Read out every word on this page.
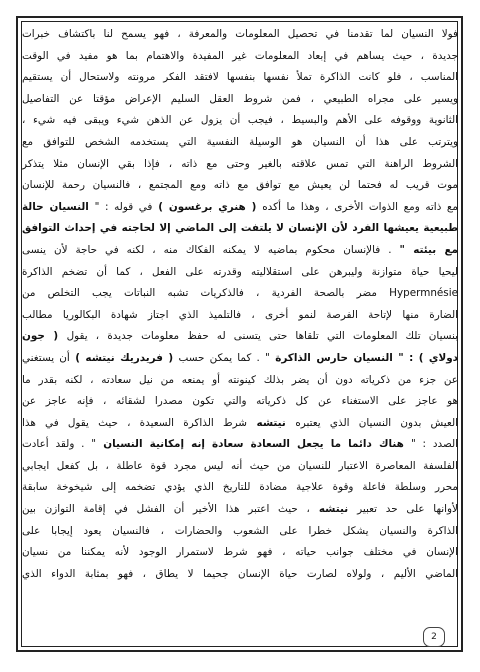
فولا النسيان لما تقدمنا في تحصيل المعلومات والمعرفة ، فهو يسمح لنا باكتشاف خبرات
جديدة ، حيث يساهم في إبعاد المعلومات غير المفيدة والاهتمام بما هو مفيد في الوقت
المناسب ، فلو كانت الذاكرة تملأ نفسها بنفسها لافتقد الفكر مرونته ولاستحال أن يستقيم
ويسير على مجراه الطبيعي ، فمن شروط العقل السليم الإعراض مؤقتا عن التفاصيل
الثانوية ووقوفه على الأهم والبسيط ، فيجب أن يزول عن الذهن شيء ويبقى فيه شيء ،
ويترتب على هذا أن النسيان هو الوسيلة النفسية التي يستخدمه الشخص للتوافق مع
الشروط الراهنة التي تمس علاقته بالغير وحتى مع ذاته ، فإذا بقي الإنسان مثلا يتذكر
موت قريب له فحتما لن يعيش مع توافق مع ذاته ومع المجتمع ، فالنسيان رحمة للإنسان
مع ذاته ومع الذوات الأخرى ، وهذا ما أكده ( هنري برغسون ) في قوله : " النسيان حالة
طبيعية يعيشها الفرد لأن الإنسان لا يلتفت إلى الماضي إلا لحاجته في إحداث التوافق
مع بيئته " . فالإنسان محكوم بماضيه لا يمكنه الفكاك منه ، لكنه في حاجة لأن ينسى
ليحيا حياة متوازنة وليبرهن على استقلاليته وقدرته على الفعل ، كما أن تضخم الذاكرة
Hypermnésie مضر بالصحة الفردية ، فالذكريات تشبه النباتات يجب التخلص من
الضارة منها لإتاحة الفرصة لنمو أخرى ، فالتلميذ الذي اجتاز شهادة البكالوريا مطالب
بنسيان تلك المعلومات التي تلقاها حتى يتسنى له حفظ معلومات جديدة ، يقول ( جون
دولاي ) : " النسيان حارس الذاكرة " . كما يمكن حسب ( فريدريك نيتشه ) أن يستغني
عن جزء من ذكرياته دون أن يضر بذلك كينونته أو يمنعه من نيل سعادته ، لكنه بقدر ما
هو عاجز على الاستغناء عن كل ذكرياته والتي تكون مصدرا لشقائه ، فإنه عاجز عن
العيش بدون النسيان الذي يعتبره نيتشه شرط الذاكرة السعيدة ، حيث يقول في هذا
الصدد : " هناك دائما ما يجعل السعادة سعادة إنه إمكانية النسيان " . ولقد أعادت
الفلسفة المعاصرة الاعتبار للنسيان من حيث أنه ليس مجرد قوة عاطلة ، بل كفعل ايجابي
محرر وسلطة فاعلة وقوة علاجية مضادة للتاريخ الذي يؤدي تضخمه إلى شيخوخة سابقة
لأوانها على حد تعبير نيتشه ، حيث اعتبر هذا الأخير أن الفشل في إقامة التوازن بين
الذاكرة والنسيان يشكل خطرا على الشعوب والحضارات ، فالنسيان يعود إيجابا على
الإنسان في مختلف جوانب حياته ، فهو شرط لاستمرار الوجود لأنه يمكننا من نسيان
الماضي الأليم ، ولولاه لصارت حياة الإنسان جحيما لا يطاق ، فهو بمثابة الدواء الذي
2
